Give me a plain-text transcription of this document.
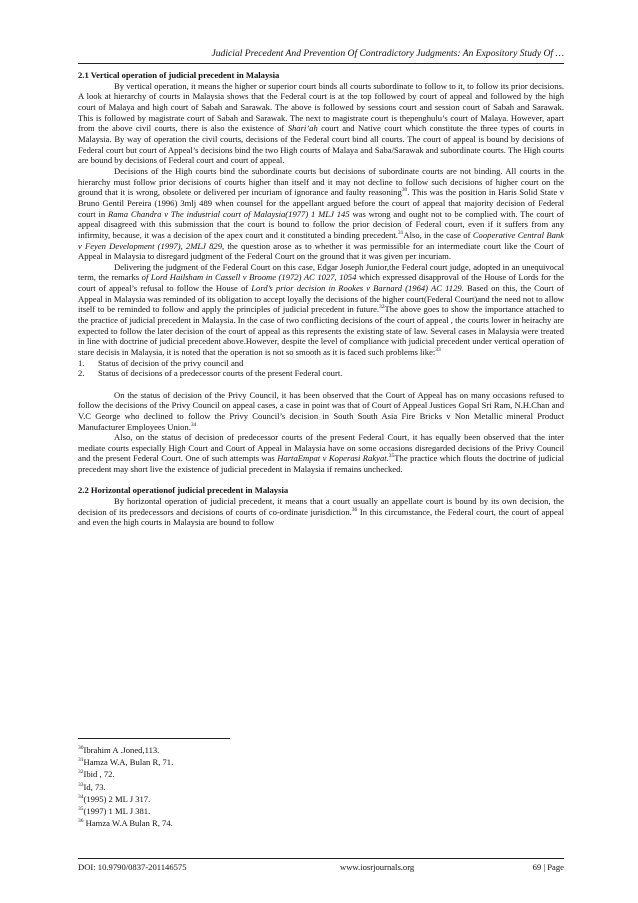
Judicial Precedent And Prevention Of Contradictory Judgments: An Expository Study Of …
2.1 Vertical operation of judicial precedent in Malaysia

By vertical operation, it means the higher or superior court binds all courts subordinate to follow to it, to follow its prior decisions. A look at hierarchy of courts in Malaysia shows that the Federal court is at the top followed by court of appeal and followed by the high court of Malaya and high court of Sabah and Sarawak. The above is followed by sessions court and session court of Sabah and Sarawak. This is followed by magistrate court of Sabah and Sarawak. The next to magistrate court is thepenghulu’s court of Malaya. However, apart from the above civil courts, there is also the existence of Shari’ah court and Native court which constitute the three types of courts in Malaysia. By way of operation the civil courts, decisions of the Federal court bind all courts. The court of appeal is bound by decisions of Federal court but court of Appeal’s decisions bind the two High courts of Malaya and Saba/Sarawak and subordinate courts. The High courts are bound by decisions of Federal court and court of appeal.

Decisions of the High courts bind the subordinate courts but decisions of subordinate courts are not binding. All courts in the hierarchy must follow prior decisions of courts higher than itself and it may not decline to follow such decisions of higher court on the ground that it is wrong, obsolete or delivered per incuriam of ignorance and faulty reasoning$^{30}$. This was the position in Haris Solid State v Bruno Gentil Pereira (1996) 3mlj 489 when counsel for the appellant argued before the court of appeal that majority decision of Federal court in Rama Chandra v The industrial court of Malaysia(1977) 1 MLJ 145 was wrong and ought not to be complied with. The court of appeal disagreed with this submission that the court is bound to follow the prior decision of Federal court, even if it suffers from any infirmity, because, it was a decision of the apex court and it constituted a binding precedent.$^{31}$Also, in the case of Cooperative Central Bank v Feyen Development (1997), 2MLJ 829, the question arose as to whether it was permissible for an intermediate court like the Court of Appeal in Malaysia to disregard judgment of the Federal Court on the ground that it was given per incuriam.

Delivering the judgment of the Federal Court on this case, Edgar Joseph Junior,the Federal court judge, adopted in an unequivocal term, the remarks of Lord Hailsham in Cassell v Broome (1972) AC 1027, 1054 which expressed disapproval of the House of Lords for the court of appeal’s refusal to follow the House of Lord’s prior decision in Rookes v Barnard (1964) AC 1129. Based on this, the Court of Appeal in Malaysia was reminded of its obligation to accept loyally the decisions of the higher court(Federal Court)and the need not to allow itself to be reminded to follow and apply the principles of judicial precedent in future.$^{32}$The above goes to show the importance attached to the practice of judicial precedent in Malaysia. In the case of two conflicting decisions of the court of appeal , the courts lower in heirachy are expected to follow the later decision of the court of appeal as this represents the existing state of law. Several cases in Malaysia were treated in line with doctrine of judicial precedent above.However, despite the level of compliance with judicial precedent under vertical operation of stare decisis in Malaysia, it is noted that the operation is not so smooth as it is faced such problems like:$^{33}$

1. Status of decision of the privy council and
2. Status of decisions of a predecessor courts of the present Federal court.

On the status of decision of the Privy Council, it has been observed that the Court of Appeal has on many occasions refused to follow the decisions of the Privy Council on appeal cases, a case in point was that of Court of Appeal Justices Gopal Sri Ram, N.H.Chan and V.C George who declined to follow the Privy Council’s decision in South South Asia Fire Bricks v Non Metallic mineral Product Manufacturer Employees Union.$^{34}$

Also, on the status of decision of predecessor courts of the present Federal Court, it has equally been observed that the inter mediate courts especially High Court and Court of Appeal in Malaysia have on some occasions disregarded decisions of the Privy Council and the present Federal Court. One of such attempts was HartaEmpat v Koperasi Rakyat.$^{35}$The practice which flouts the doctrine of judicial precedent may short live the existence of judicial precedent in Malaysia if remains unchecked.

2.2 Horizontal operationof judicial precedent in Malaysia

By horizontal operation of judicial precedent, it means that a court usually an appellate court is bound by its own decision, the decision of its predecessors and decisions of courts of co-ordinate jurisdiction.$^{36}$ In this circumstance, the Federal court, the court of appeal and even the high courts in Malaysia are bound to follow

$^{30}$Ibrahim A .Joned,113.
$^{31}$Hamza W.A, Bulan R, 71.
$^{32}$Ibid , 72.
$^{33}$Id, 73.
$^{34}$(1995) 2 ML J 317.
$^{35}$(1997) 1 ML J 381.
$^{36}$ Hamza W.A Bulan R, 74.
DOI: 10.9790/0837-201146575	www.iosrjournals.org	69 | Page
